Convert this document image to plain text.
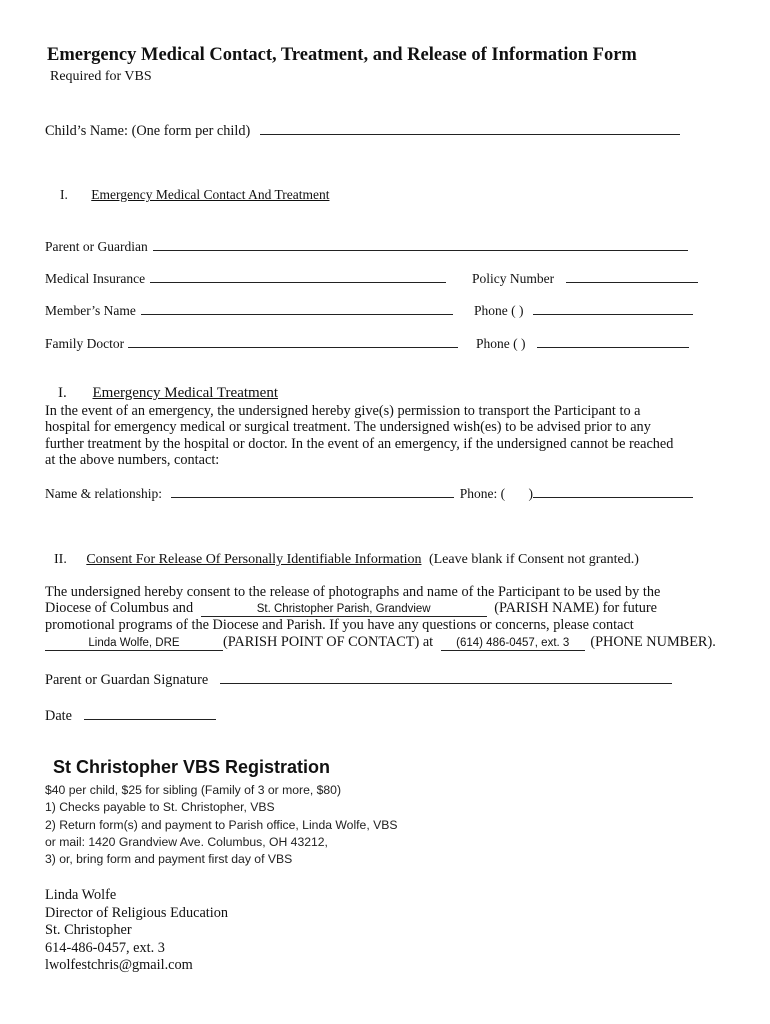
Emergency Medical Contact, Treatment, and Release of Information Form
Required for VBS
Child’s Name: (One form per child)
I. Emergency Medical Contact And Treatment
Parent or Guardian
Medical Insurance	Policy Number
Member’s Name	Phone ( )
Family Doctor	Phone ( )
I. Emergency Medical Treatment
In the event of an emergency, the undersigned hereby give(s) permission to transport the Participant to a
hospital for emergency medical or surgical treatment. The undersigned wish(es) to be advised prior to any
further treatment by the hospital or doctor. In the event of an emergency, if the undersigned cannot be reached
at the above numbers, contact:
Name & relationship:	Phone: ( )
II. Consent For Release Of Personally Identifiable Information (Leave blank if Consent not granted.)
The undersigned hereby consent to the release of photographs and name of the Participant to be used by the
Diocese of Columbus and	St. Christopher Parish, Grandview	(PARISH NAME) for future
promotional programs of the Diocese and Parish. If you have any questions or concerns, please contact
Linda Wolfe, DRE	(PARISH POINT OF CONTACT) at (614) 486-0457, ext. 3 (PHONE NUMBER).
Parent or Guardan Signature
Date
St Christopher VBS Registration
$40 per child, $25 for sibling (Family of 3 or more, $80)
1) Checks payable to St. Christopher, VBS
2) Return form(s) and payment to Parish office, Linda Wolfe, VBS
or mail: 1420 Grandview Ave. Columbus, OH 43212,
3) or, bring form and payment first day of VBS
Linda Wolfe
Director of Religious Education
St. Christopher
614-486-0457, ext. 3
lwolfestchris@gmail.com
